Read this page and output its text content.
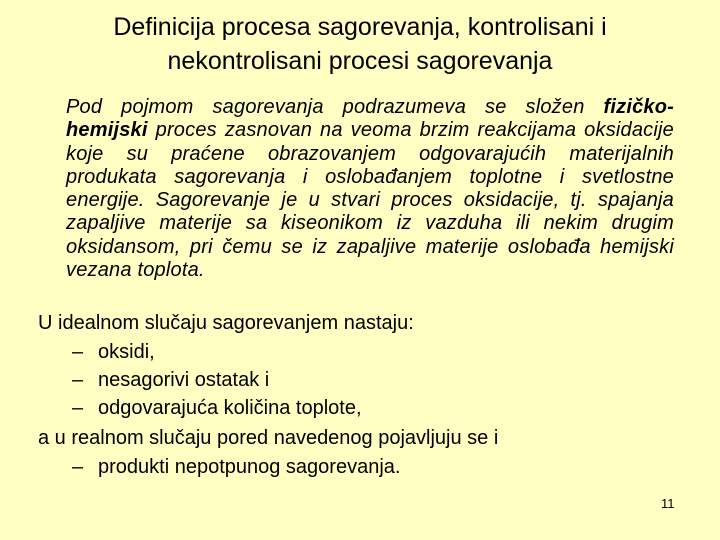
Definicija procesa sagorevanja, kontrolisani i
nekontrolisani procesi sagorevanja
Pod pojmom sagorevanja podrazumeva se složen fizičko-hemijski proces zasnovan na veoma brzim reakcijama oksidacije koje su praćene obrazovanjem odgovarajućih materijalnih produkata sagorevanja i oslobađanjem toplotne i svetlostne energije. Sagorevanje je u stvari proces oksidacije, tj. spajanja zapaljive materije sa kiseonikom iz vazduha ili nekim drugim oksidansom, pri čemu se iz zapaljive materije oslobađa hemijski vezana toplota.
U idealnom slučaju sagorevanjem nastaju:
– oksidi,
– nesagorivi ostatak i
– odgovarajuća količina toplote,
a u realnom slučaju pored navedenog pojavljuju se i
– produkti nepotpunog sagorevanja.
11
